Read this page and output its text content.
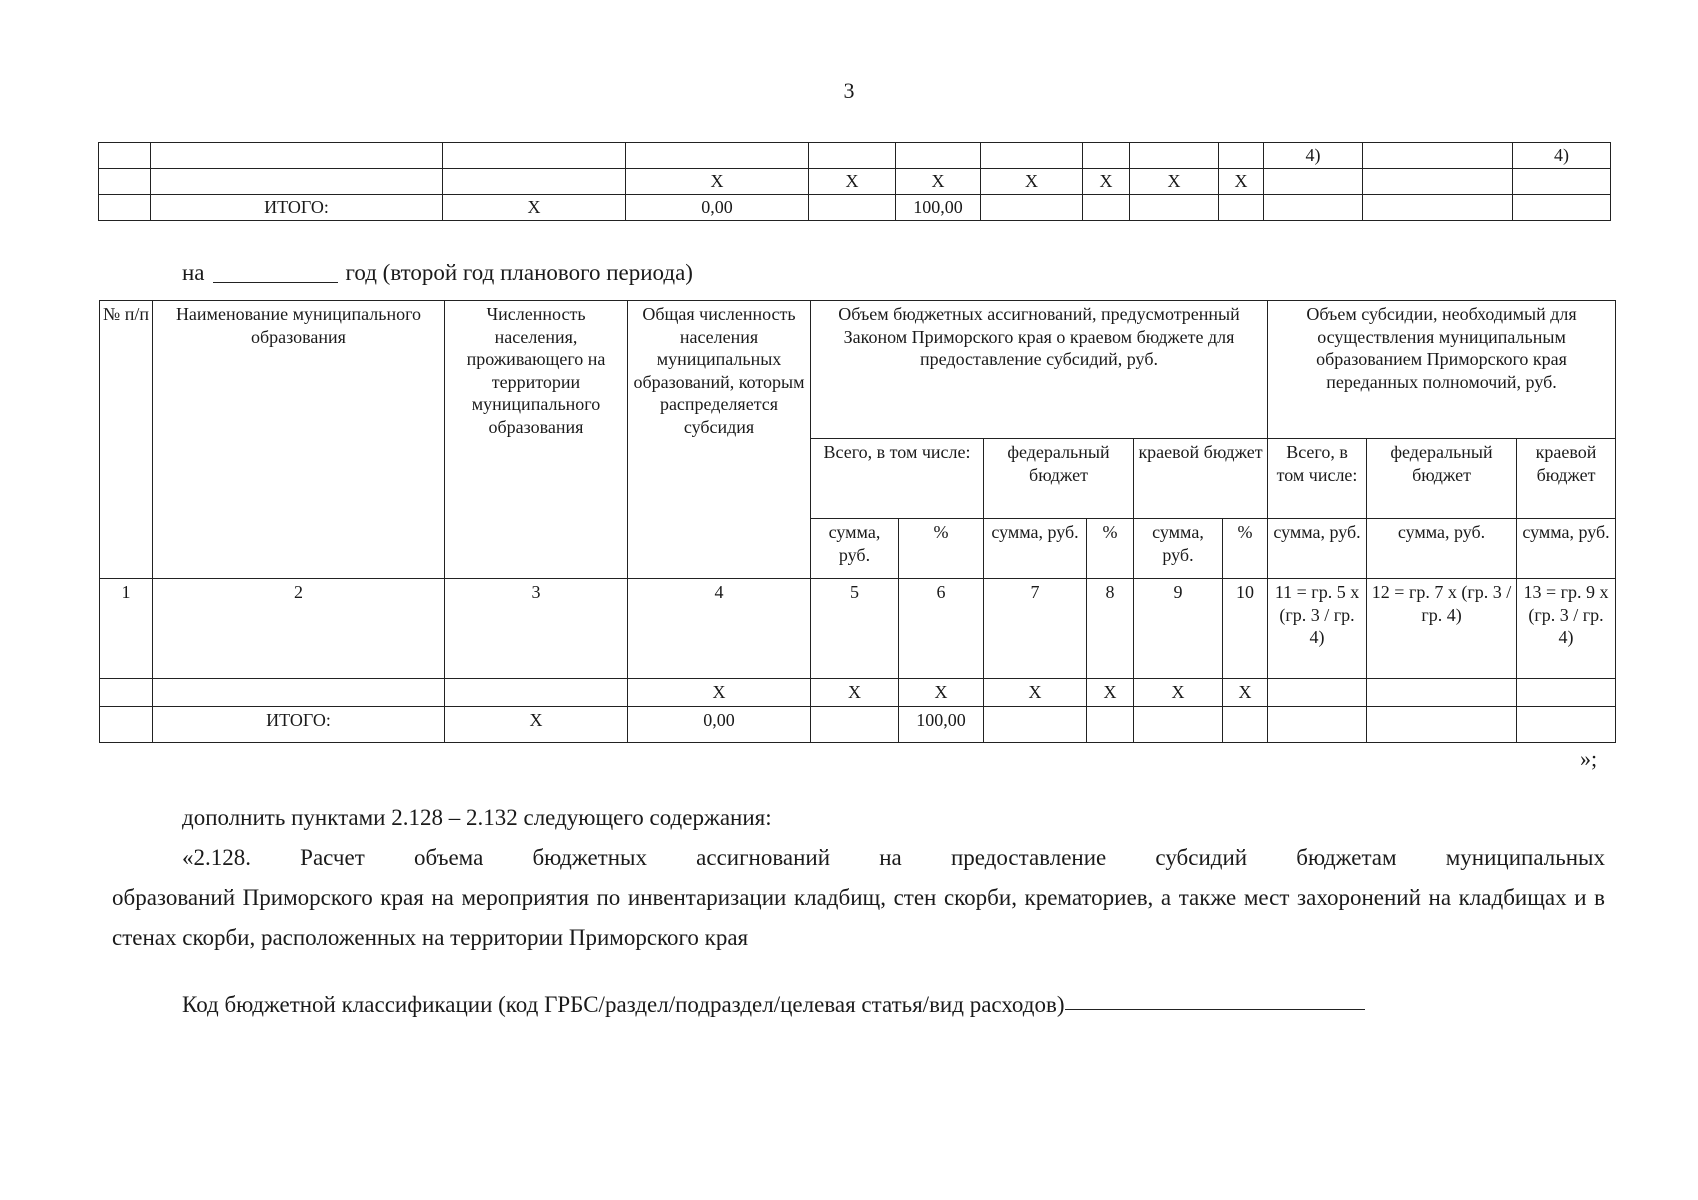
3
										4)		4)
			X	X	X	X	X	X	X			
	ИТОГО:	X	0,00		100,00							
на	год (второй год планового периода)
№ п/п	Наименование муниципального образования	Численность населения, проживающего на территории муниципального образования	Общая численность населения муниципальных образований, которым распределяется субсидия	Объем бюджетных ассигнований, предусмотренный Законом Приморского края о краевом бюджете для предоставление субсидий, руб.						Объем субсидии, необходимый для осуществления муниципальным образованием Приморского края переданных полномочий, руб.		
				Всего, в том числе:		федеральный бюджет		краевой бюджет		Всего, в том числе:	федеральный бюджет	краевой бюджет
				сумма, руб.	%	сумма, руб.	%	сумма, руб.	%	сумма, руб.	сумма, руб.	сумма, руб.
1	2	3	4	5	6	7	8	9	10	11 = гр. 5 х (гр. 3 / гр. 4)	12 = гр. 7 х (гр. 3 / гр. 4)	13 = гр. 9 х (гр. 3 / гр. 4)
			X	X	X	X	X	X	X			
	ИТОГО:	X	0,00		100,00							
»;
дополнить пунктами 2.128 – 2.132 следующего содержания:
«2.128. Расчет объема бюджетных ассигнований на предоставление субсидий бюджетам муниципальных
образований Приморского края на мероприятия по инвентаризации кладбищ, стен скорби, крематориев, а также мест захоронений на кладбищах и в стенах скорби, расположенных на территории Приморского края
Код бюджетной классификации (код ГРБС/раздел/подраздел/целевая статья/вид расходов)
